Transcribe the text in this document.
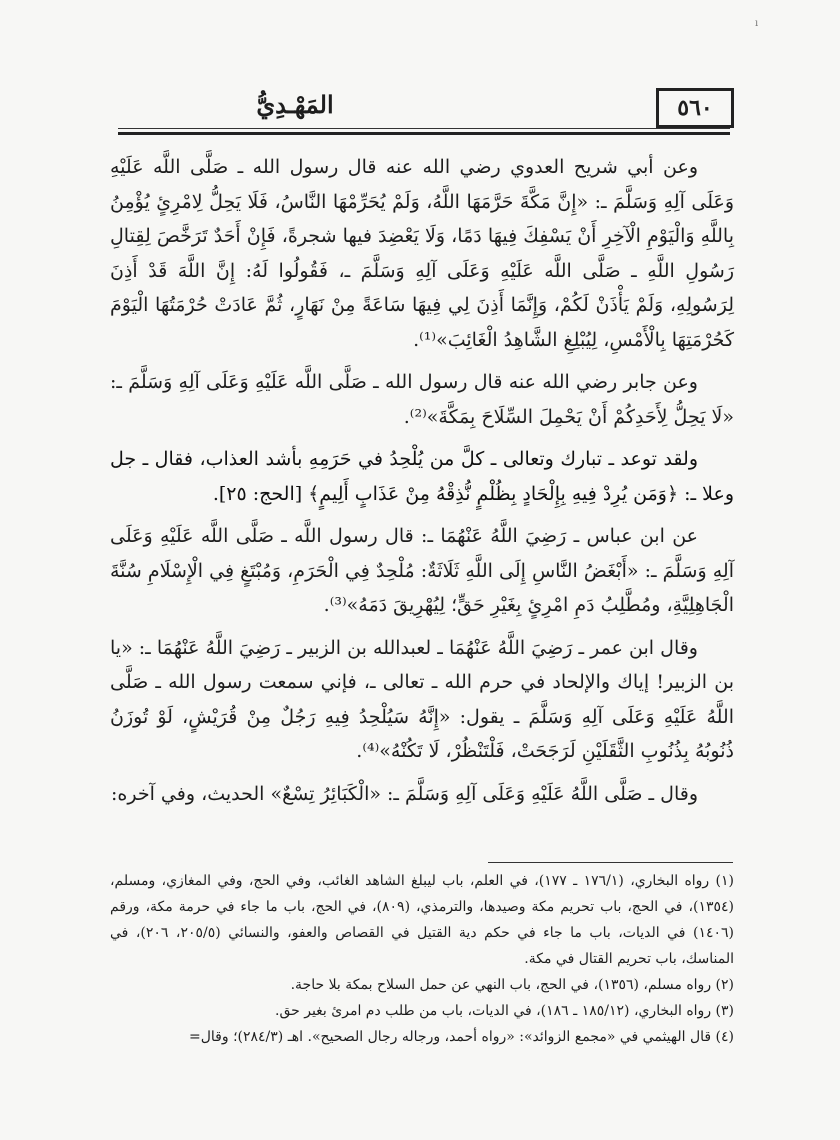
ı
٥٦٠
المَهْـدِيُّ

وعن أبي شريح العدوي رضي الله عنه قال رسول الله ـ صَلَّى اللَّه عَلَيْهِ وَعَلَى آلِهِ وَسَلَّمَ ـ: «إِنَّ مَكَّةَ حَرَّمَهَا اللَّهُ، وَلَمْ يُحَرِّمْهَا النَّاسُ، فَلَا يَحِلُّ لِامْرِئٍ يُؤْمِنُ بِاللَّهِ وَالْيَوْمِ الْآخِرِ أَنْ يَسْفِكَ فِيهَا دَمًا، وَلَا يَعْضِدَ فيها شجرةً، فَإِنْ أَحَدٌ تَرَخَّصَ لِقِتالِ رَسُولِ اللَّهِ ـ صَلَّى اللَّه عَلَيْهِ وَعَلَى آلِهِ وَسَلَّمَ ـ، فَقُولُوا لَهُ: إِنَّ اللَّهَ قَدْ أَذِنَ لِرَسُولِهِ، وَلَمْ يَأْذَنْ لَكُمْ، وَإِنَّمَا أَذِنَ لِي فِيهَا سَاعَةً مِنْ نَهَارٍ، ثُمَّ عَادَتْ حُرْمَتُهَا الْيَوْمَ كَحُرْمَتِهَا بِالْأَمْسِ، لِيُبْلِغِ الشَّاهِدُ الْغَائِبَ»⁽¹⁾.

وعن جابر رضي الله عنه قال رسول الله ـ صَلَّى اللَّه عَلَيْهِ وَعَلَى آلِهِ وَسَلَّمَ ـ: «لَا يَحِلُّ لِأَحَدِكُمْ أَنْ يَحْمِلَ السِّلَاحَ بِمَكَّةَ»⁽²⁾.

ولقد توعد ـ تبارك وتعالى ـ كلَّ من يُلْحِدُ في حَرَمِهِ بأشد العذاب، فقال ـ جل وعلا ـ: ﴿وَمَن يُرِدْ فِيهِ بِإِلْحَادٍ بِظُلْمٍ نُّذِقْهُ مِنْ عَذَابٍ أَلِيمٍ﴾ [الحج: ٢٥].

عن ابن عباس ـ رَضِيَ اللَّهُ عَنْهُمَا ـ: قال رسول اللَّه ـ صَلَّى اللَّه عَلَيْهِ وَعَلَى آلِهِ وَسَلَّمَ ـ: «أَبْغَضُ النَّاسِ إِلَى اللَّهِ ثَلَاثَةٌ: مُلْحِدٌ فِي الْحَرَمِ، وَمُبْتَغٍ فِي الْإِسْلَامِ سُنَّةَ الْجَاهِلِيَّةِ، ومُطَّلِبُ دَمِ امْرِئٍ بِغَيْرِ حَقٍّ؛ لِيُهْرِيقَ دَمَهُ»⁽³⁾.

وقال ابن عمر ـ رَضِيَ اللَّهُ عَنْهُمَا ـ لعبدالله بن الزبير ـ رَضِيَ اللَّهُ عَنْهُمَا ـ: «يا بن الزبير! إياك والإلحاد في حرم الله ـ تعالى ـ، فإني سمعت رسول الله ـ صَلَّى اللَّهُ عَلَيْهِ وَعَلَى آلِهِ وَسَلَّمَ ـ يقول: «إِنَّهُ سَيُلْحِدُ فِيهِ رَجُلٌ مِنْ قُرَيْشٍ، لَوْ تُوزَنُ ذُنُوبُهُ بِذُنُوبِ الثَّقَلَيْنِ لَرَجَحَتْ، فَلْتَنْظُرْ، لَا تَكُنْهُ»⁽⁴⁾.

وقال ـ صَلَّى اللَّهُ عَلَيْهِ وَعَلَى آلِهِ وَسَلَّمَ ـ: «الْكَبَائِرُ تِسْعٌ» الحديث، وفي آخره:

(١) رواه البخاري، (١٧٦/١ ـ ١٧٧)، في العلم، باب ليبلغ الشاهد الغائب، وفي الحج، وفي المغازي، ومسلم، (١٣٥٤)، في الحج، باب تحريم مكة وصيدها، والترمذي، (٨٠٩)، في الحج، باب ما جاء في حرمة مكة، ورقم (١٤٠٦) في الديات، باب ما جاء في حكم دية القتيل في القصاص والعفو، والنسائي (٢٠٥/٥، ٢٠٦)، في المناسك، باب تحريم القتال في مكة.

(٢) رواه مسلم، (١٣٥٦)، في الحج، باب النهي عن حمل السلاح بمكة بلا حاجة.

(٣) رواه البخاري، (١٨٥/١٢ ـ ١٨٦)، في الديات، باب من طلب دم امرئ بغير حق.

(٤) قال الهيثمي في «مجمع الزوائد»: «رواه أحمد، ورجاله رجال الصحيح». اهـ (٢٨٤/٣)؛ وقال=
